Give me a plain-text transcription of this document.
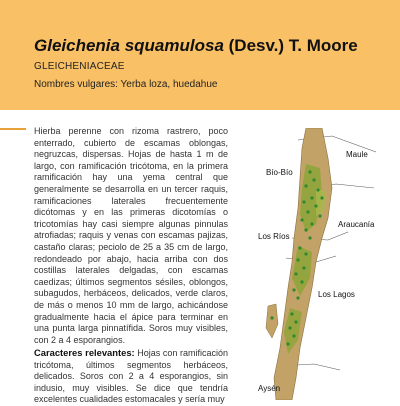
Gleichenia squamulosa (Desv.) T. Moore
GLEICHENIACEAE
Nombres vulgares: Yerba loza, huedahue

Hierba perenne con rizoma rastrero, poco enterrado, cubierto de escamas oblongas, negruzcas, dispersas. Hojas de hasta 1 m de largo, con ramificación tricótoma, en la primera ramificación hay una yema central que generalmente se desarrolla en un tercer raquis, ramificaciones laterales frecuentemente dicótomas y en las primeras dicotomías o tricotomías hay casi siempre algunas pinnulas atrofiadas; raquis y venas con escamas pajizas, castaño claras; peciolo de 25 a 35 cm de largo, redondeado por abajo, hacia arriba con dos costillas laterales delgadas, con escamas caedizas; últimos segmentos sésiles, oblongos, subagudos, herbáceos, delicados, verde claros, de más o menos 10 mm de largo, achicándose gradualmente hacia el ápice para terminar en una punta larga pinnatífida. Soros muy visibles, con 2 a 4 esporangios.

Caracteres relevantes: Hojas con ramificación tricótoma, últimos segmentos herbáceos, delicados. Soros con 2 a 4 esporangios, sin indusio, muy visibles. Se dice que tendría excelentes cualidades estomacales y sería muy

Maule
Bío-Bío
Araucanía
Los Ríos
Los Lagos
Aysén
